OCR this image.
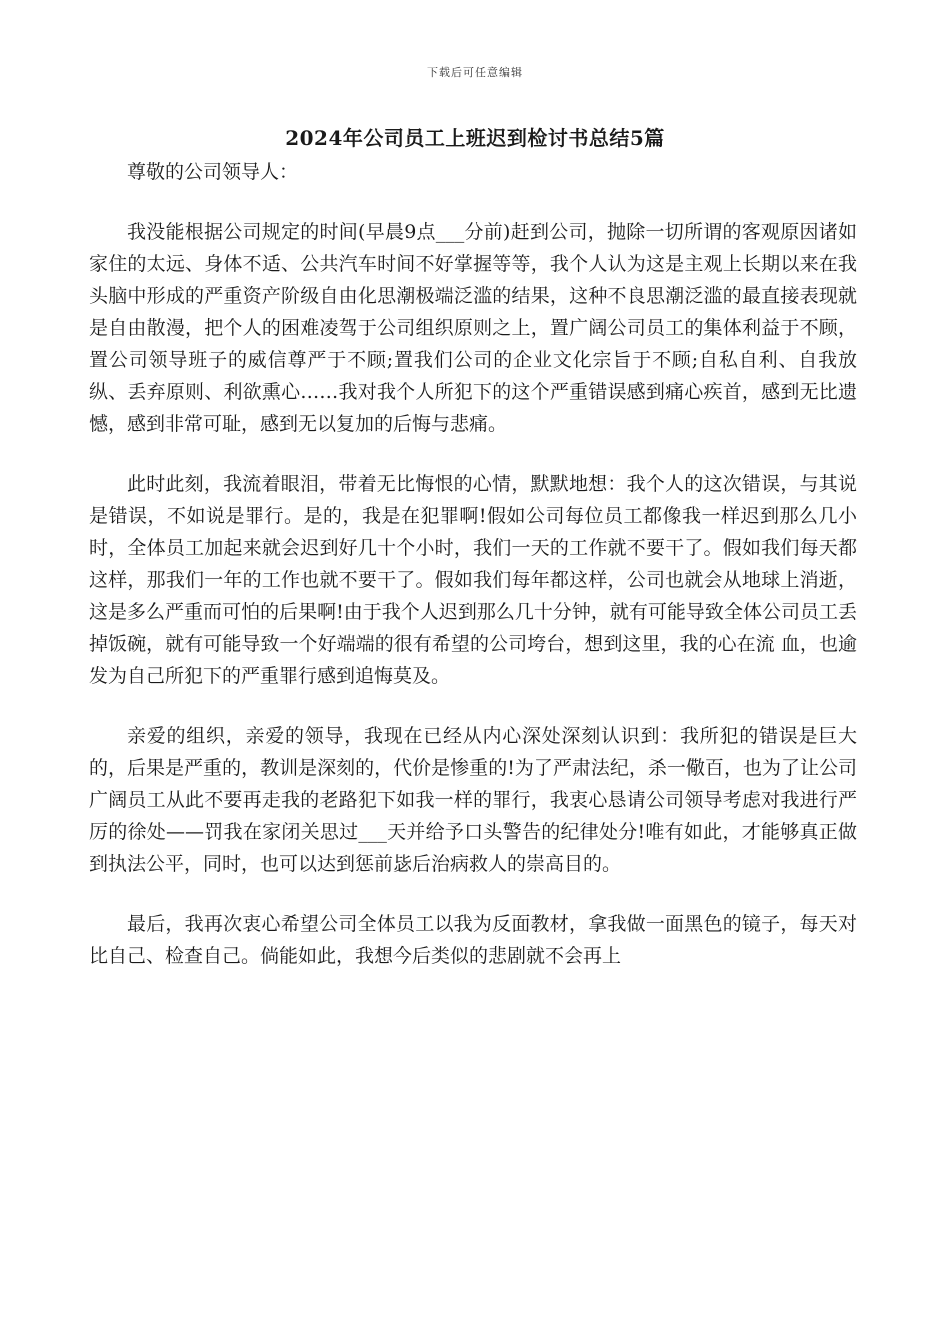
下载后可任意编辑
2024年公司员工上班迟到检讨书总结5篇

尊敬的公司领导人：

我没能根据公司规定的时间(早晨9点___分前)赶到公司，抛除一切所谓的客观原因诸如家住的太远、身体不适、公共汽车时间不好掌握等等，我个人认为这是主观上长期以来在我头脑中形成的严重资产阶级自由化思潮极端泛滥的结果，这种不良思潮泛滥的最直接表现就是自由散漫，把个人的困难凌驾于公司组织原则之上，置广阔公司员工的集体利益于不顾，置公司领导班子的威信尊严于不顾;置我们公司的企业文化宗旨于不顾;自私自利、自我放纵、丢弃原则、利欲熏心……我对我个人所犯下的这个严重错误感到痛心疾首，感到无比遗憾，感到非常可耻，感到无以复加的后悔与悲痛。

此时此刻，我流着眼泪，带着无比悔恨的心情，默默地想：我个人的这次错误，与其说是错误，不如说是罪行。是的，我是在犯罪啊!假如公司每位员工都像我一样迟到那么几小时，全体员工加起来就会迟到好几十个小时，我们一天的工作就不要干了。假如我们每天都这样，那我们一年的工作也就不要干了。假如我们每年都这样，公司也就会从地球上消逝，这是多么严重而可怕的后果啊!由于我个人迟到那么几十分钟，就有可能导致全体公司员工丢掉饭碗，就有可能导致一个好端端的很有希望的公司垮台，想到这里，我的心在流 血，也逾发为自己所犯下的严重罪行感到追悔莫及。

亲爱的组织，亲爱的领导，我现在已经从内心深处深刻认识到：我所犯的错误是巨大的，后果是严重的，教训是深刻的，代价是惨重的!为了严肃法纪，杀一儆百，也为了让公司广阔员工从此不要再走我的老路犯下如我一样的罪行，我衷心恳请公司领导考虑对我进行严厉的徐处——罚我在家闭关思过___天并给予口头警告的纪律处分!唯有如此，才能够真正做到执法公平，同时，也可以达到惩前毖后治病救人的崇高目的。

最后，我再次衷心希望公司全体员工以我为反面教材，拿我做一面黑色的镜子，每天对比自己、检查自己。倘能如此，我想今后类似的悲剧就不会再上
